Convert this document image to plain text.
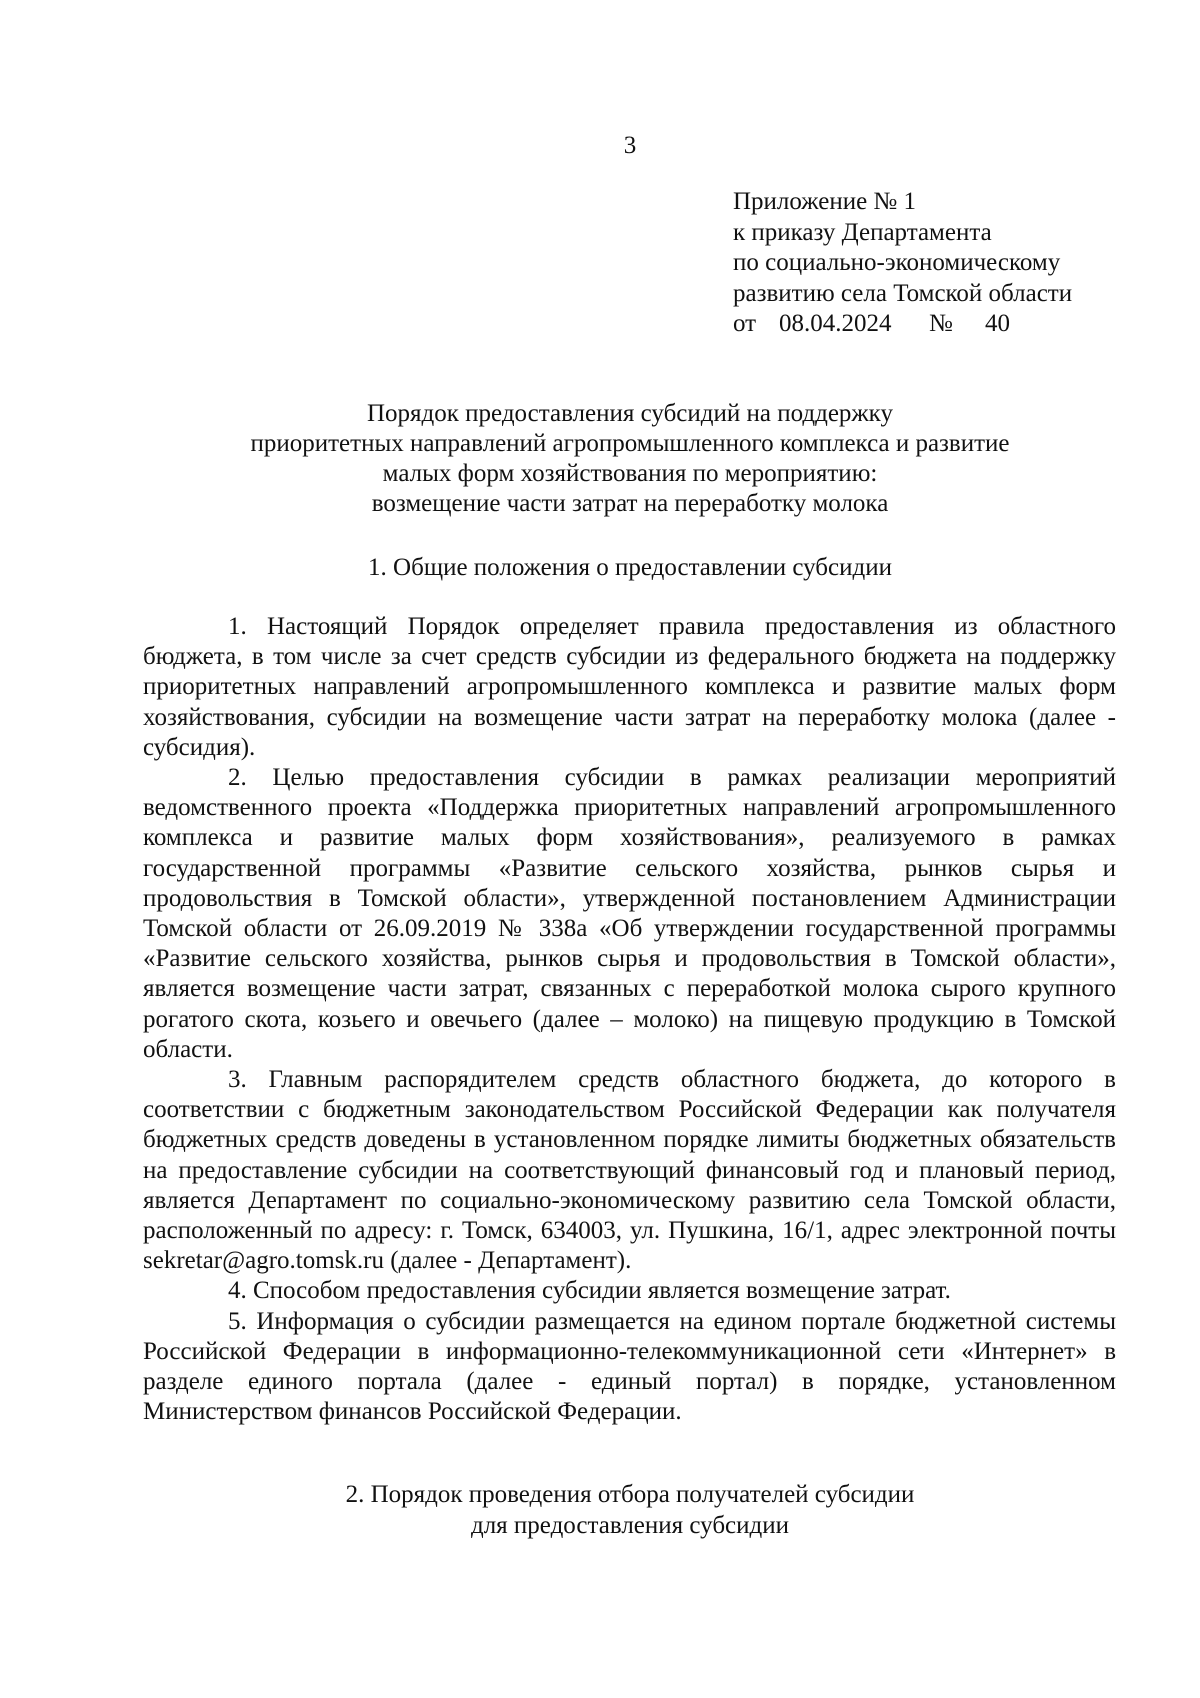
3
Приложение № 1
к приказу Департамента
по социально-экономическому
развитию села Томской области
от 08.04.2024 № 40
Порядок предоставления субсидий на поддержку
приоритетных направлений агропромышленного комплекса и развитие
малых форм хозяйствования по мероприятию:
возмещение части затрат на переработку молока
1. Общие положения о предоставлении субсидии

1. Настоящий Порядок определяет правила предоставления из областного бюджета, в том числе за счет средств субсидии из федерального бюджета на поддержку приоритетных направлений агропромышленного комплекса и развитие малых форм хозяйствования, субсидии на возмещение части затрат на переработку молока (далее - субсидия).

2. Целью предоставления субсидии в рамках реализации мероприятий ведомственного проекта «Поддержка приоритетных направлений агропромышленного комплекса и развитие малых форм хозяйствования», реализуемого в рамках государственной программы «Развитие сельского хозяйства, рынков сырья и продовольствия в Томской области», утвержденной постановлением Администрации Томской области от 26.09.2019 № 338а «Об утверждении государственной программы «Развитие сельского хозяйства, рынков сырья и продовольствия в Томской области», является возмещение части затрат, связанных с переработкой молока сырого крупного рогатого скота, козьего и овечьего (далее – молоко) на пищевую продукцию в Томской области.

3. Главным распорядителем средств областного бюджета, до которого в соответствии с бюджетным законодательством Российской Федерации как получателя бюджетных средств доведены в установленном порядке лимиты бюджетных обязательств на предоставление субсидии на соответствующий финансовый год и плановый период, является Департамент по социально-экономическому развитию села Томской области, расположенный по адресу: г. Томск, 634003, ул. Пушкина, 16/1, адрес электронной почты sekretar@agro.tomsk.ru (далее - Департамент).

4. Способом предоставления субсидии является возмещение затрат.

5. Информация о субсидии размещается на едином портале бюджетной системы Российской Федерации в информационно-телекоммуникационной сети «Интернет» в разделе единого портала (далее - единый портал) в порядке, установленном Министерством финансов Российской Федерации.

2. Порядок проведения отбора получателей субсидии
для предоставления субсидии
